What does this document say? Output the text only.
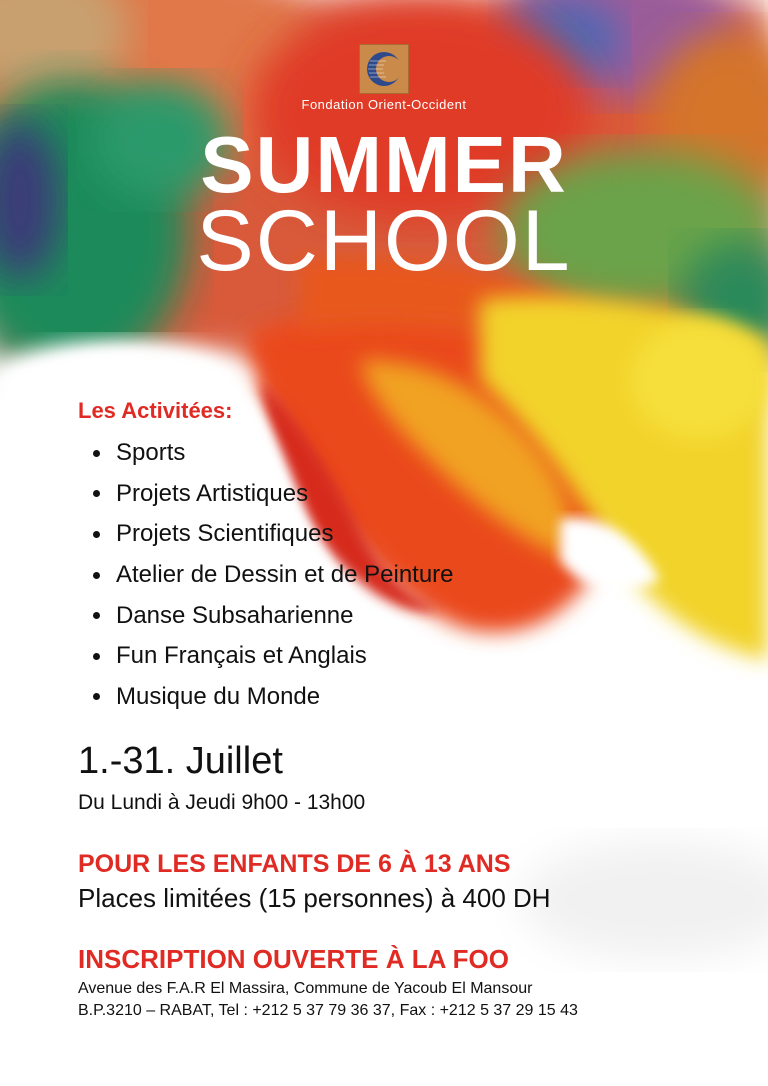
Fondation Orient-Occident
SUMMER
SCHOOL
Les Activitées:
Sports
Projets Artistiques
Projets Scientifiques
Atelier de Dessin et de Peinture
Danse Subsaharienne
Fun Français et Anglais
Musique du Monde
1.-31. Juillet
Du Lundi à Jeudi 9h00 - 13h00
POUR LES ENFANTS DE 6 À 13 ANS
Places limitées (15 personnes) à 400 DH
INSCRIPTION OUVERTE À LA FOO
Avenue des F.A.R El Massira, Commune de Yacoub El Mansour
B.P.3210 – RABAT, Tel : +212 5 37 79 36 37, Fax : +212 5 37 29 15 43
